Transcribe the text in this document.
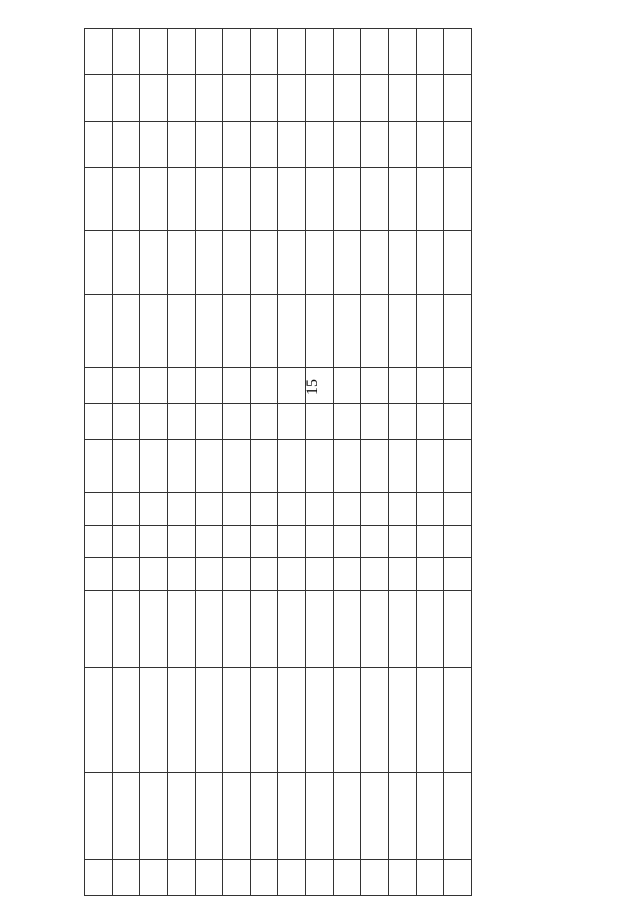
15
